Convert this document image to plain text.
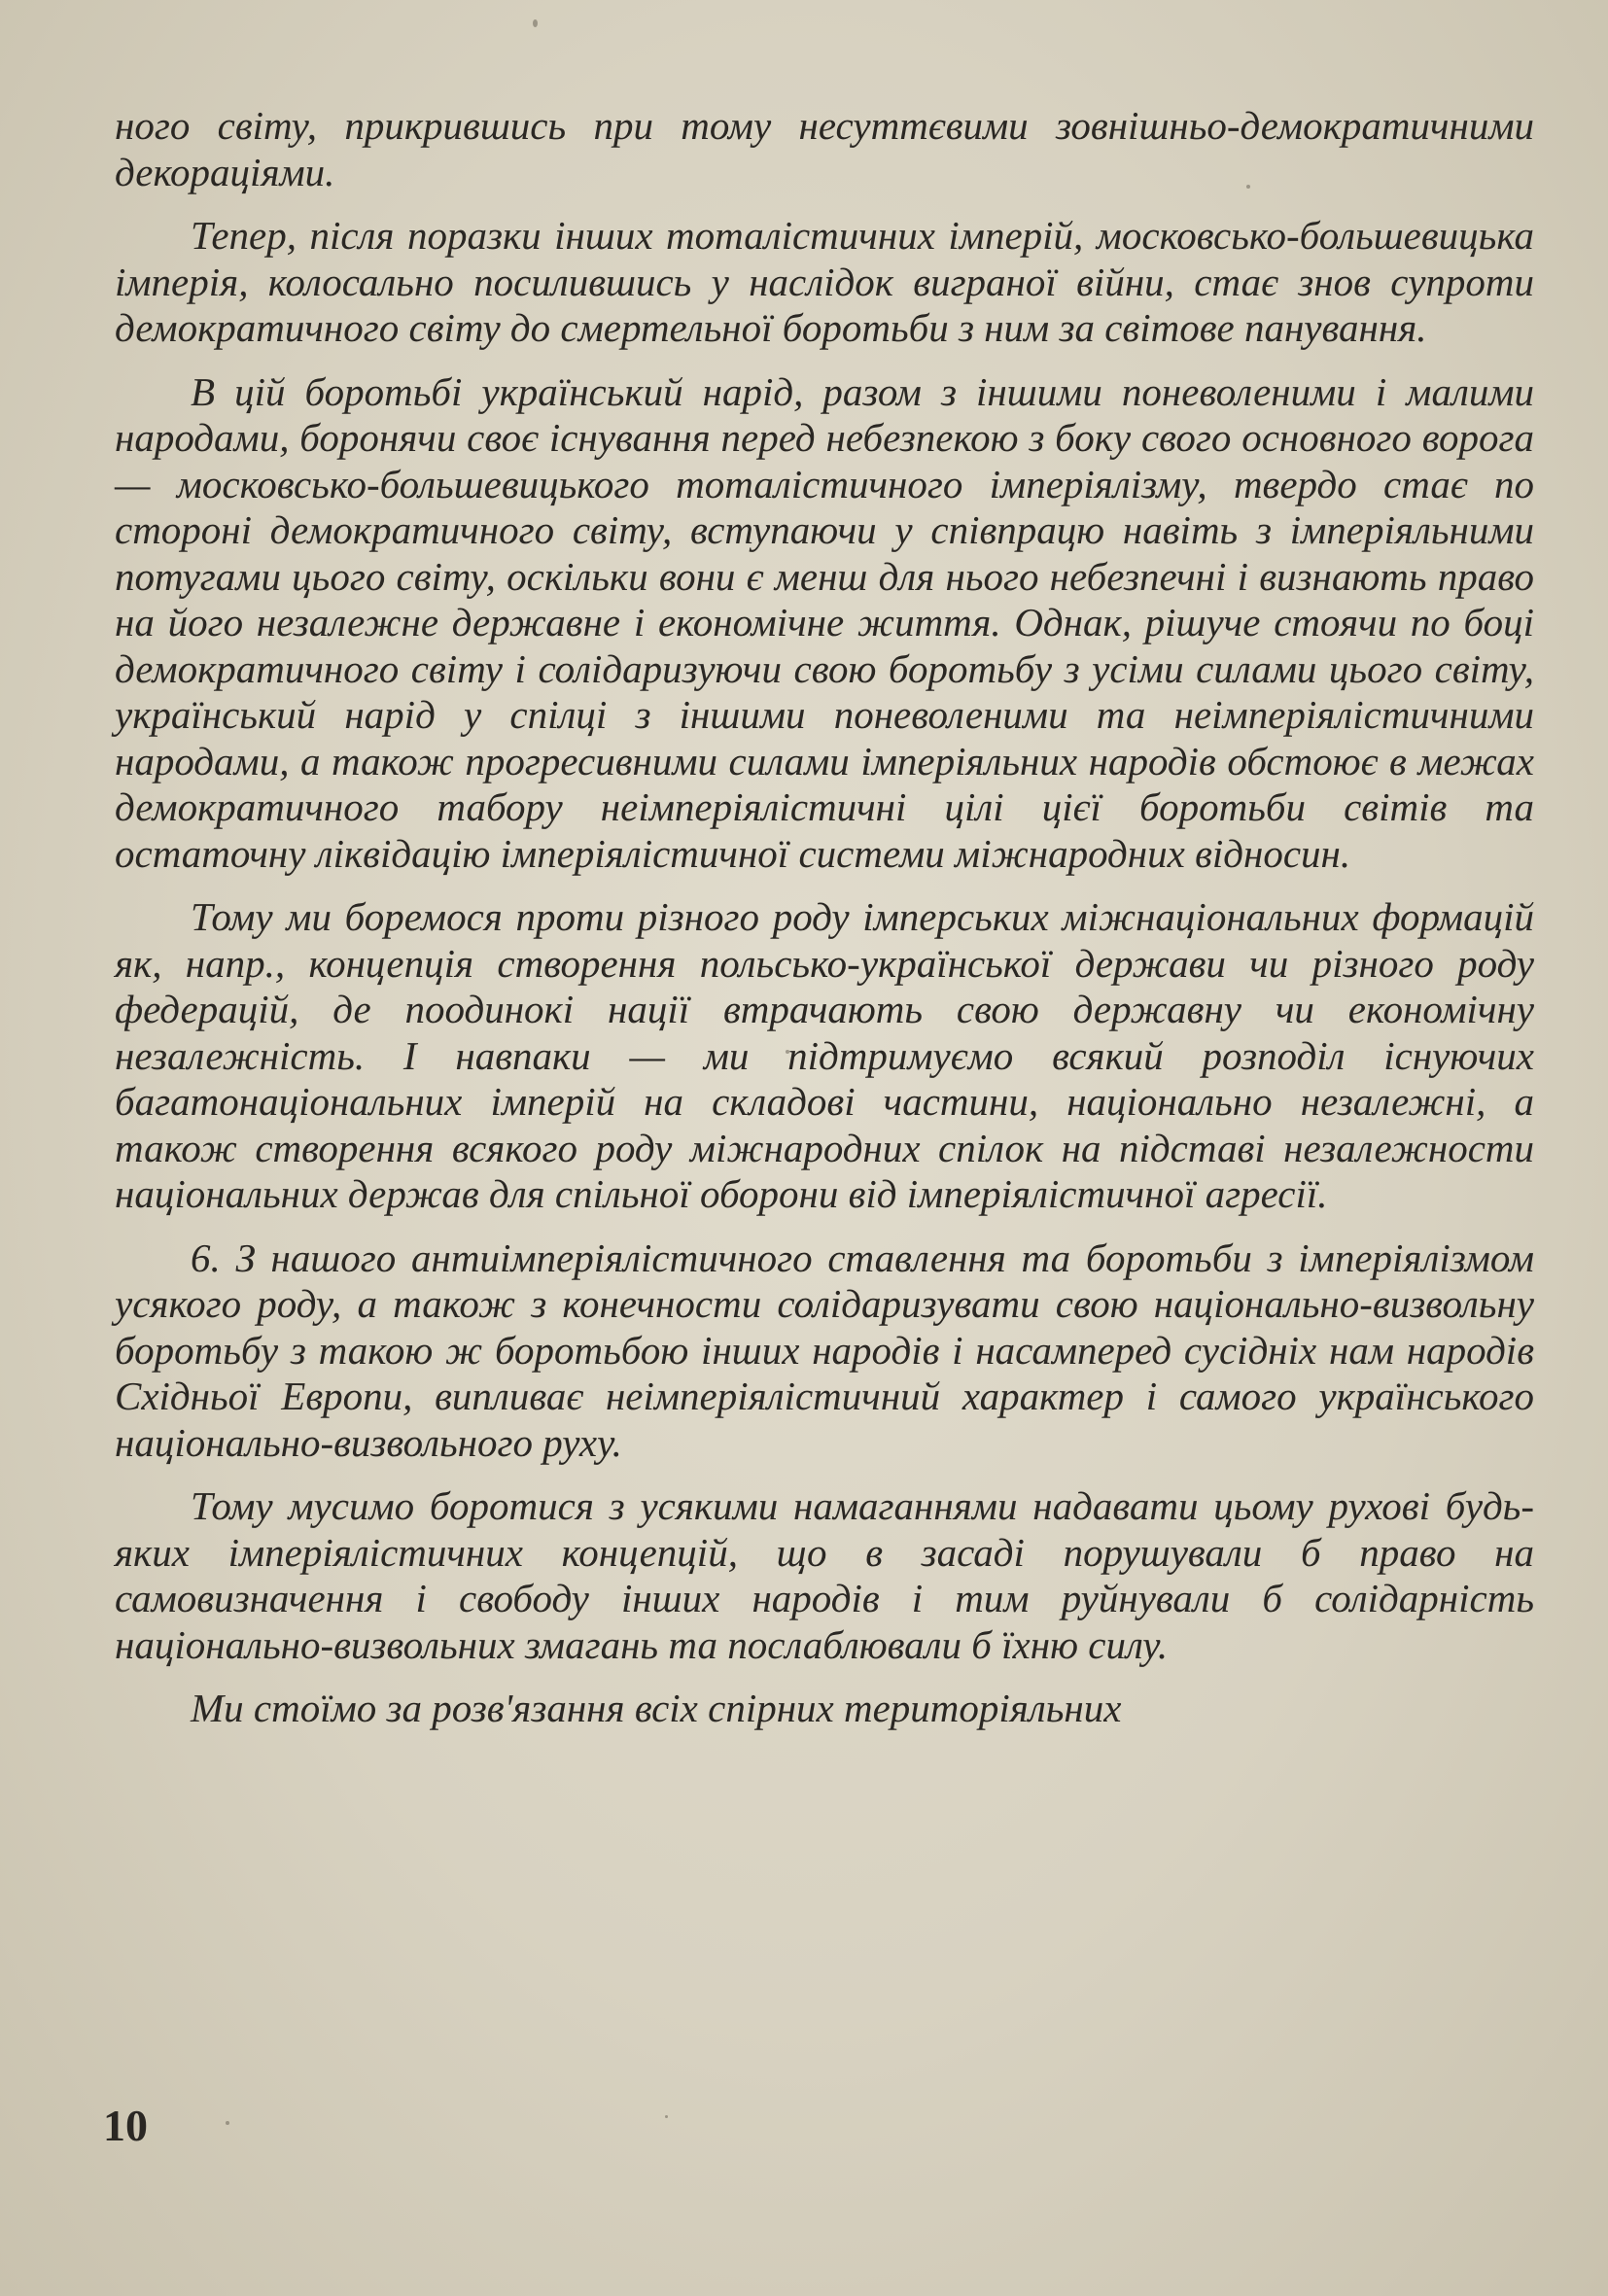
ного світу, прикрившись при тому несуттєвими зовнішньо-демократичними декораціями.

Тепер, після поразки інших тоталістичних імперій, московсько-большевицька імперія, колосально посилившись у наслідок виграної війни, стає знов супроти демократичного світу до смертельної боротьби з ним за світове панування.

В цій боротьбі український нарід, разом з іншими поневоленими і малими народами, боронячи своє існування перед небезпекою з боку свого основного ворога — московсько-большевицького тоталістичного імперіялізму, твердо стає по стороні демократичного світу, вступаючи у співпрацю навіть з імперіяльними потугами цього світу, оскільки вони є менш для нього небезпечні і визнають право на його незалежне державне і економічне життя. Однак, рішуче стоячи по боці демократичного світу і солідаризуючи свою боротьбу з усіми силами цього світу, український нарід у спілці з іншими поневоленими та неімперіялістичними народами, а також прогресивними силами імперіяльних народів обстоює в межах демократичного табору неімперіялістичні цілі цієї боротьби світів та остаточну ліквідацію імперіялістичної системи міжнародних відносин.

Тому ми боремося проти різного роду імперських міжнаціональних формацій як, напр., концепція створення польсько-української держави чи різного роду федерацій, де поодинокі нації втрачають свою державну чи економічну незалежність. І навпаки — ми підтримуємо всякий розподіл існуючих багатонаціональних імперій на складові частини, національно незалежні, а також створення всякого роду міжнародних спілок на підставі незалежности національних держав для спільної оборони від імперіялістичної агресії.

6. З нашого антиімперіялістичного ставлення та боротьби з імперіялізмом усякого роду, а також з конечности солідаризувати свою національно-визвольну боротьбу з такою ж боротьбою інших народів і насамперед сусідніх нам народів Східньої Европи, випливає неімперіялістичний характер і самого українського національно-визвольного руху.

Тому мусимо боротися з усякими намаганнями надавати цьому рухові будь-яких імперіялістичних концепцій, що в засаді порушували б право на самовизначення і свободу інших народів і тим руйнували б солідарність національно-визвольних змагань та послаблювали б їхню силу.

Ми стоїмо за розв'язання всіх спірних територіяльних

10
